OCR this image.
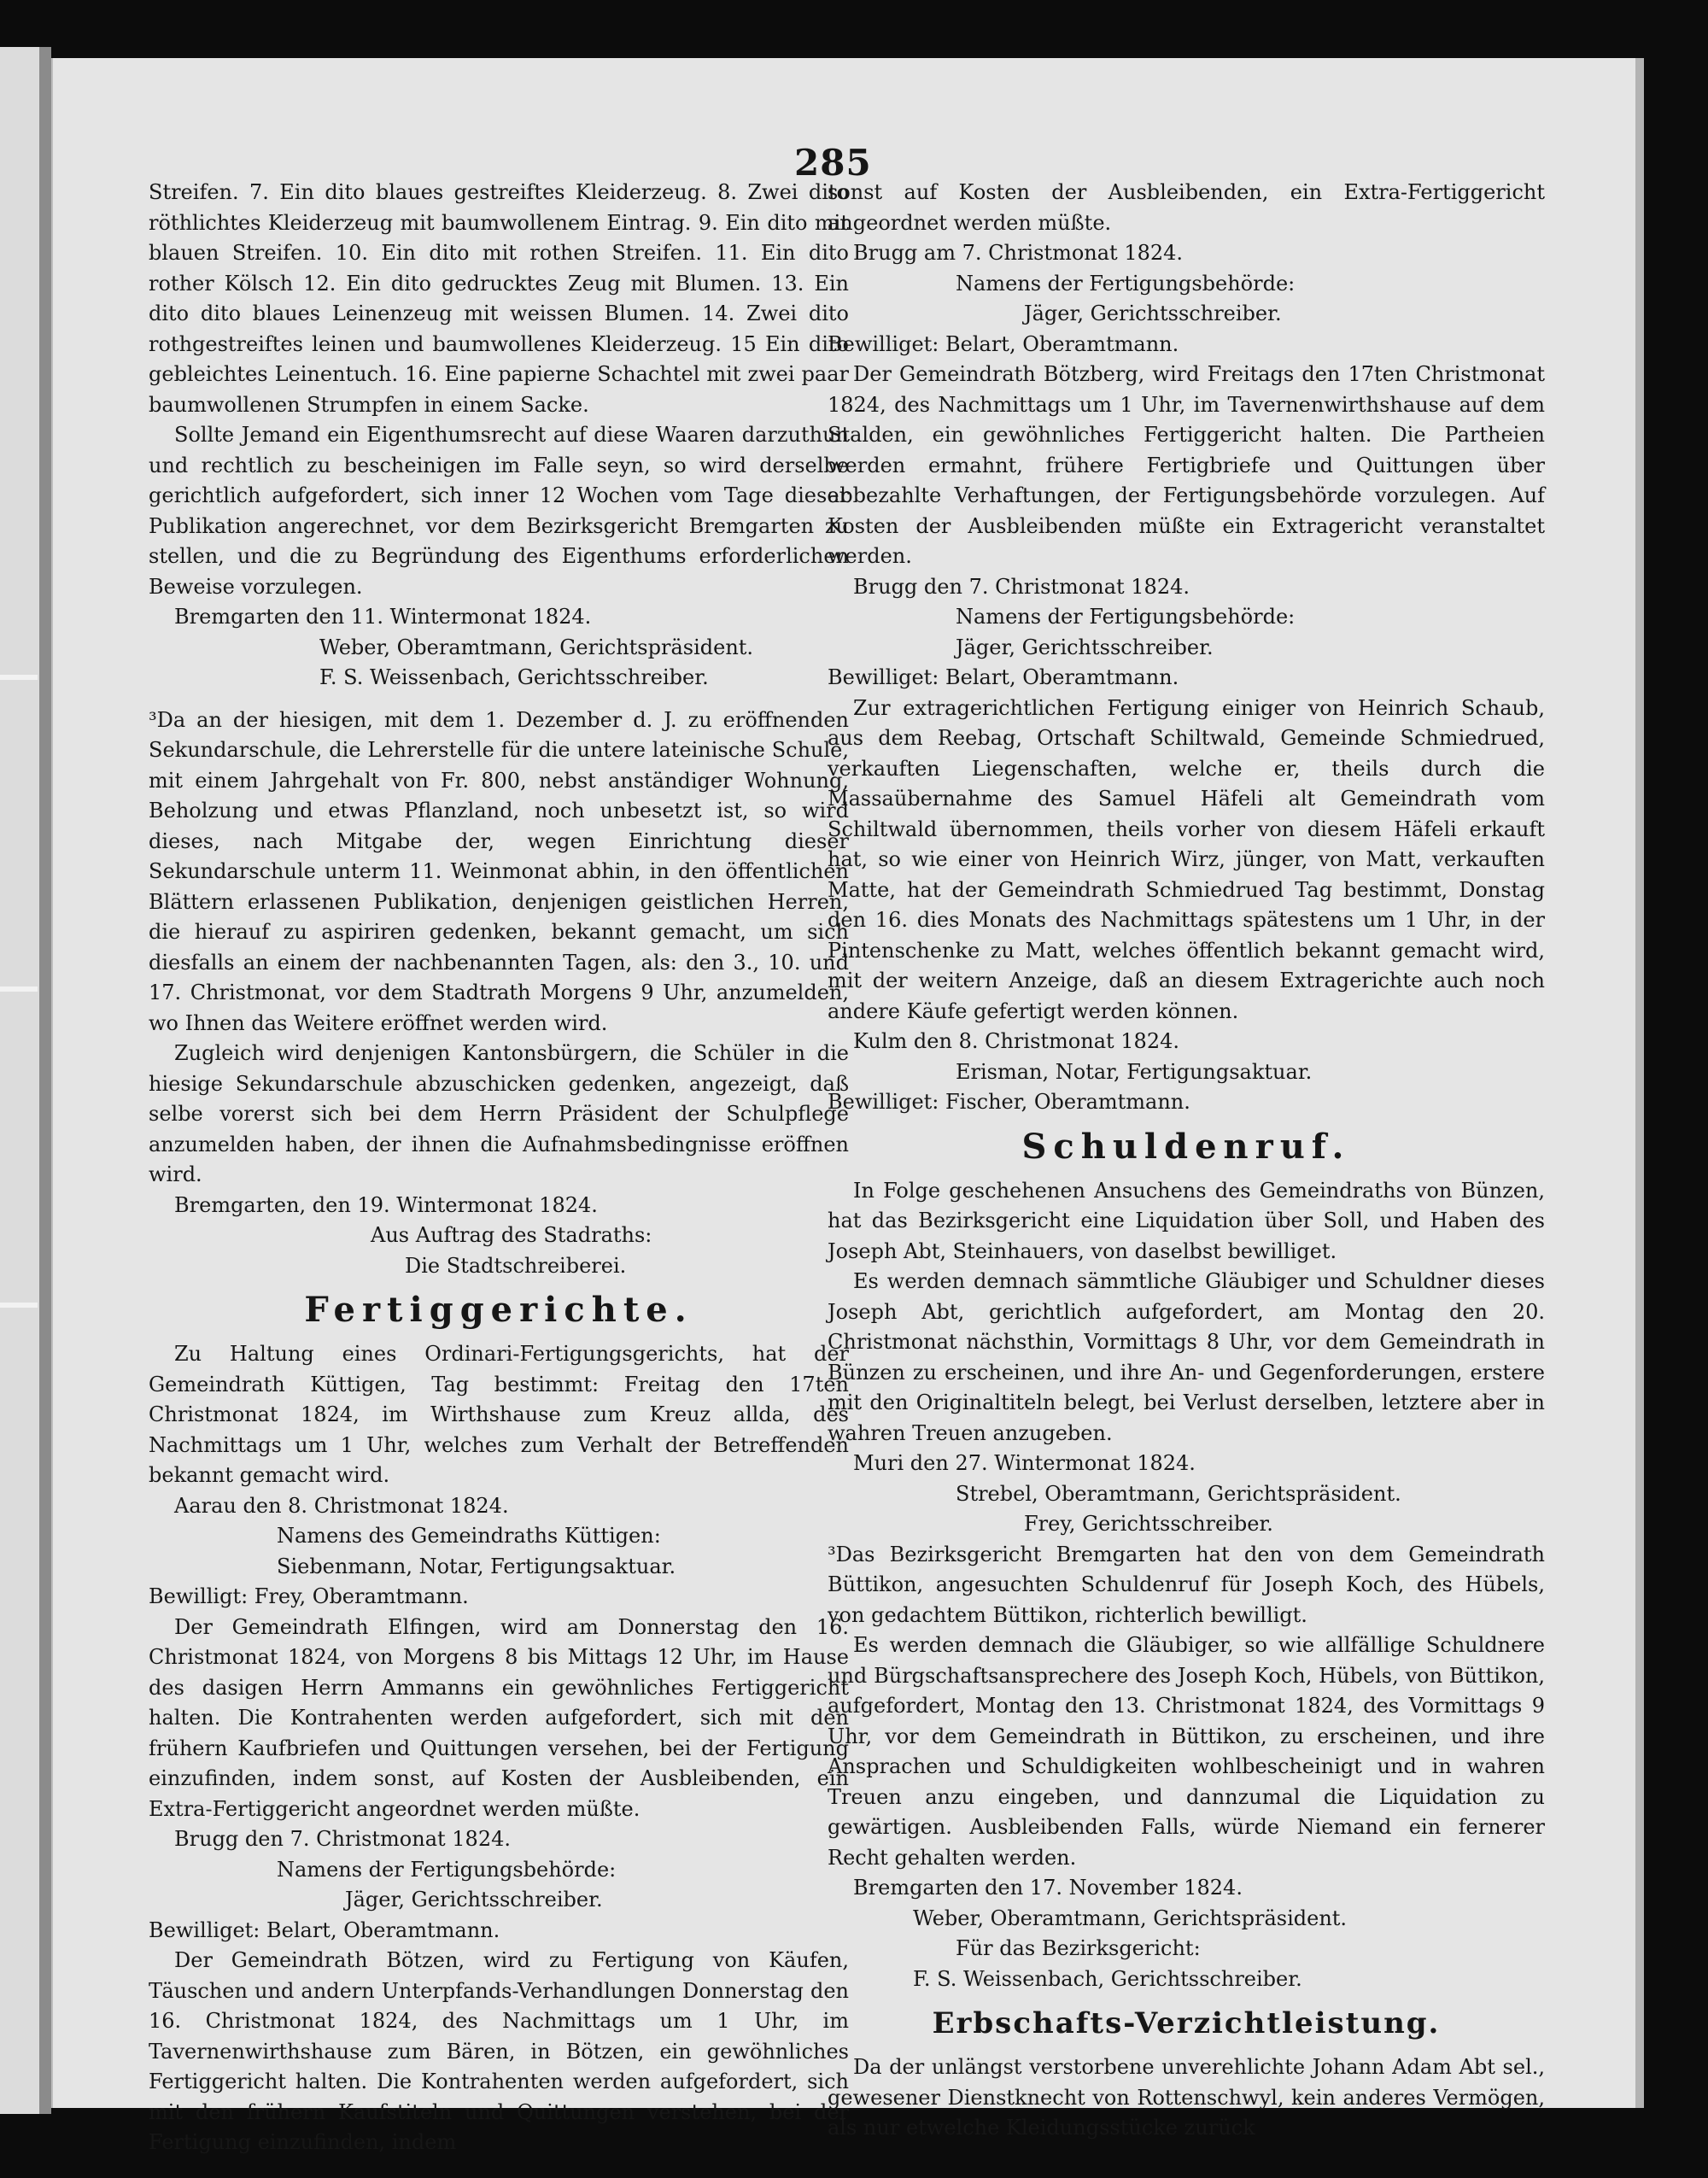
285

Streifen. 7. Ein dito blaues gestreiftes Kleiderzeug. 8. Zwei dito röthlichtes Kleiderzeug mit baumwollenem Eintrag. 9. Ein dito mit blauen Streifen. 10. Ein dito mit rothen Streifen. 11. Ein dito rother Kölsch 12. Ein dito gedrucktes Zeug mit Blumen. 13. Ein dito dito blaues Leinenzeug mit weissen Blumen. 14. Zwei dito rothgestreiftes leinen und baumwollenes Kleiderzeug. 15 Ein dito gebleichtes Leinentuch. 16. Eine papierne Schachtel mit zwei paar baumwollenen Strumpfen in einem Sacke.

Sollte Jemand ein Eigenthumsrecht auf diese Waaren darzuthun und rechtlich zu bescheinigen im Falle seyn, so wird derselbe gerichtlich aufgefordert, sich inner 12 Wochen vom Tage dieser Publikation angerechnet, vor dem Bezirksgericht Bremgarten zu stellen, und die zu Begründung des Eigenthums erforderlichen Beweise vorzulegen.

Bremgarten den 11. Wintermonat 1824.

Weber, Oberamtmann, Gerichtspräsident.

F. S. Weissenbach, Gerichtsschreiber.

³Da an der hiesigen, mit dem 1. Dezember d. J. zu eröffnenden Sekundarschule, die Lehrerstelle für die untere lateinische Schule, mit einem Jahrgehalt von Fr. 800, nebst anständiger Wohnung, Beholzung und etwas Pflanzland, noch unbesetzt ist, so wird dieses, nach Mitgabe der, wegen Einrichtung dieser Sekundarschule unterm 11. Weinmonat abhin, in den öffentlichen Blättern erlassenen Publikation, denjenigen geistlichen Herren, die hierauf zu aspiriren gedenken, bekannt gemacht, um sich diesfalls an einem der nachbenannten Tagen, als: den 3., 10. und 17. Christmonat, vor dem Stadtrath Morgens 9 Uhr, anzumelden, wo Ihnen das Weitere eröffnet werden wird.

Zugleich wird denjenigen Kantonsbürgern, die Schüler in die hiesige Sekundarschule abzuschicken gedenken, angezeigt, daß selbe vorerst sich bei dem Herrn Präsident der Schulpflege anzumelden haben, der ihnen die Aufnahmsbedingnisse eröffnen wird.

Bremgarten, den 19. Wintermonat 1824.

Aus Auftrag des Stadraths:

Die Stadtschreiberei.

Fertiggerichte.

Zu Haltung eines Ordinari-Fertigungsgerichts, hat der Gemeindrath Küttigen, Tag bestimmt: Freitag den 17ten Christmonat 1824, im Wirthshause zum Kreuz allda, des Nachmittags um 1 Uhr, welches zum Verhalt der Betreffenden bekannt gemacht wird.

Aarau den 8. Christmonat 1824.

Namens des Gemeindraths Küttigen:

Siebenmann, Notar, Fertigungsaktuar.

Bewilligt: Frey, Oberamtmann.

Der Gemeindrath Elfingen, wird am Donnerstag den 16. Christmonat 1824, von Morgens 8 bis Mittags 12 Uhr, im Hause des dasigen Herrn Ammanns ein gewöhnliches Fertiggericht halten. Die Kontrahenten werden aufgefordert, sich mit den frühern Kaufbriefen und Quittungen versehen, bei der Fertigung einzufinden, indem sonst, auf Kosten der Ausbleibenden, ein Extra-Fertiggericht angeordnet werden müßte.

Brugg den 7. Christmonat 1824.

Namens der Fertigungsbehörde:

Jäger, Gerichtsschreiber.

Bewilliget: Belart, Oberamtmann.

Der Gemeindrath Bötzen, wird zu Fertigung von Käufen, Täuschen und andern Unterpfands-Verhandlungen Donnerstag den 16. Christmonat 1824, des Nachmittags um 1 Uhr, im Tavernenwirthshause zum Bären, in Bötzen, ein gewöhnliches Fertiggericht halten. Die Kontrahenten werden aufgefordert, sich mit den frühern Kaufstiteln und Quittungen verstehen, bei der Fertigung einzufinden, indem

sonst auf Kosten der Ausbleibenden, ein Extra-Fertiggericht angeordnet werden müßte.

Brugg am 7. Christmonat 1824.

Namens der Fertigungsbehörde:

Jäger, Gerichtsschreiber.

Bewilliget: Belart, Oberamtmann.

Der Gemeindrath Bötzberg, wird Freitags den 17ten Christmonat 1824, des Nachmittags um 1 Uhr, im Tavernenwirthshause auf dem Stalden, ein gewöhnliches Fertiggericht halten. Die Partheien werden ermahnt, frühere Fertigbriefe und Quittungen über abbezahlte Verhaftungen, der Fertigungsbehörde vorzulegen. Auf Kosten der Ausbleibenden müßte ein Extragericht veranstaltet werden.

Brugg den 7. Christmonat 1824.

Namens der Fertigungsbehörde:

Jäger, Gerichtsschreiber.

Bewilliget: Belart, Oberamtmann.

Zur extragerichtlichen Fertigung einiger von Heinrich Schaub, aus dem Reebag, Ortschaft Schiltwald, Gemeinde Schmiedrued, verkauften Liegenschaften, welche er, theils durch die Massaübernahme des Samuel Häfeli alt Gemeindrath vom Schiltwald übernommen, theils vorher von diesem Häfeli erkauft hat, so wie einer von Heinrich Wirz, jünger, von Matt, verkauften Matte, hat der Gemeindrath Schmiedrued Tag bestimmt, Donstag den 16. dies Monats des Nachmittags spätestens um 1 Uhr, in der Pintenschenke zu Matt, welches öffentlich bekannt gemacht wird, mit der weitern Anzeige, daß an diesem Extragerichte auch noch andere Käufe gefertigt werden können.

Kulm den 8. Christmonat 1824.

Erisman, Notar, Fertigungsaktuar.

Bewilliget: Fischer, Oberamtmann.

Schuldenruf.

In Folge geschehenen Ansuchens des Gemeindraths von Bünzen, hat das Bezirksgericht eine Liquidation über Soll, und Haben des Joseph Abt, Steinhauers, von daselbst bewilliget.

Es werden demnach sämmtliche Gläubiger und Schuldner dieses Joseph Abt, gerichtlich aufgefordert, am Montag den 20. Christmonat nächsthin, Vormittags 8 Uhr, vor dem Gemeindrath in Bünzen zu erscheinen, und ihre An- und Gegenforderungen, erstere mit den Originaltiteln belegt, bei Verlust derselben, letztere aber in wahren Treuen anzugeben.

Muri den 27. Wintermonat 1824.

Strebel, Oberamtmann, Gerichtspräsident.

Frey, Gerichtsschreiber.

³Das Bezirksgericht Bremgarten hat den von dem Gemeindrath Büttikon, angesuchten Schuldenruf für Joseph Koch, des Hübels, von gedachtem Büttikon, richterlich bewilligt.

Es werden demnach die Gläubiger, so wie allfällige Schuldnere und Bürgschaftsansprechere des Joseph Koch, Hübels, von Büttikon, aufgefordert, Montag den 13. Christmonat 1824, des Vormittags 9 Uhr, vor dem Gemeindrath in Büttikon, zu erscheinen, und ihre Ansprachen und Schuldigkeiten wohlbescheinigt und in wahren Treuen anzu eingeben, und dannzumal die Liquidation zu gewärtigen. Ausbleibenden Falls, würde Niemand ein fernerer Recht gehalten werden.

Bremgarten den 17. November 1824.

Weber, Oberamtmann, Gerichtspräsident.

Für das Bezirksgericht:

F. S. Weissenbach, Gerichtsschreiber.

Erbschafts-Verzichtleistung.

Da der unlängst verstorbene unverehlichte Johann Adam Abt sel., gewesener Dienstknecht von Rottenschwyl, kein anderes Vermögen, als nur etwelche Kleidungsstücke zurück
